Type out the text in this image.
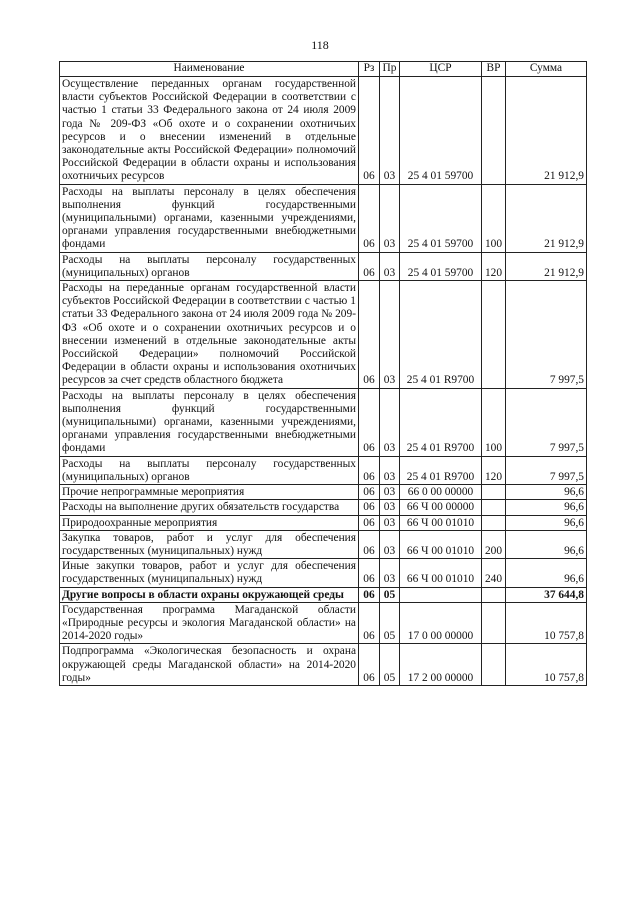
118
Наименование	Рз	Пр	ЦСР	ВР	Сумма
Осуществление переданных органам государственной власти субъектов Российской Федерации в соответствии с частью 1 статьи 33 Федерального закона от 24 июля 2009 года № 209-ФЗ «Об охоте и о сохранении охотничьих ресурсов и о внесении изменений в отдельные законодательные акты Российской Федерации» полномочий Российской Федерации в области охраны и использования охотничьих ресурсов	06	03	25 4 01 59700		21 912,9
Расходы на выплаты персоналу в целях обеспечения выполнения функций государственными (муниципальными) органами, казенными учреждениями, органами управления государственными внебюджетными фондами	06	03	25 4 01 59700	100	21 912,9
Расходы на выплаты персоналу государственных (муниципальных) органов	06	03	25 4 01 59700	120	21 912,9
Расходы на переданные органам государственной власти субъектов Российской Федерации в соответствии с частью 1 статьи 33 Федерального закона от 24 июля 2009 года № 209-ФЗ «Об охоте и о сохранении охотничьих ресурсов и о внесении изменений в отдельные законодательные акты Российской Федерации» полномочий Российской Федерации в области охраны и использования охотничьих ресурсов за счет средств областного бюджета	06	03	25 4 01 R9700		7 997,5
Расходы на выплаты персоналу в целях обеспечения выполнения функций государственными (муниципальными) органами, казенными учреждениями, органами управления государственными внебюджетными фондами	06	03	25 4 01 R9700	100	7 997,5
Расходы на выплаты персоналу государственных (муниципальных) органов	06	03	25 4 01 R9700	120	7 997,5
Прочие непрограммные мероприятия	06	03	66 0 00 00000		96,6
Расходы на выполнение других обязательств государства	06	03	66 Ч 00 00000		96,6
Природоохранные мероприятия	06	03	66 Ч 00 01010		96,6
Закупка товаров, работ и услуг для обеспечения государственных (муниципальных) нужд	06	03	66 Ч 00 01010	200	96,6
Иные закупки товаров, работ и услуг для обеспечения государственных (муниципальных) нужд	06	03	66 Ч 00 01010	240	96,6
Другие вопросы в области охраны окружающей среды	06	05			37 644,8
Государственная программа Магаданской области «Природные ресурсы и экология Магаданской области» на 2014-2020 годы»	06	05	17 0 00 00000		10 757,8
Подпрограмма «Экологическая безопасность и охрана окружающей среды Магаданской области» на 2014-2020 годы»	06	05	17 2 00 00000		10 757,8
